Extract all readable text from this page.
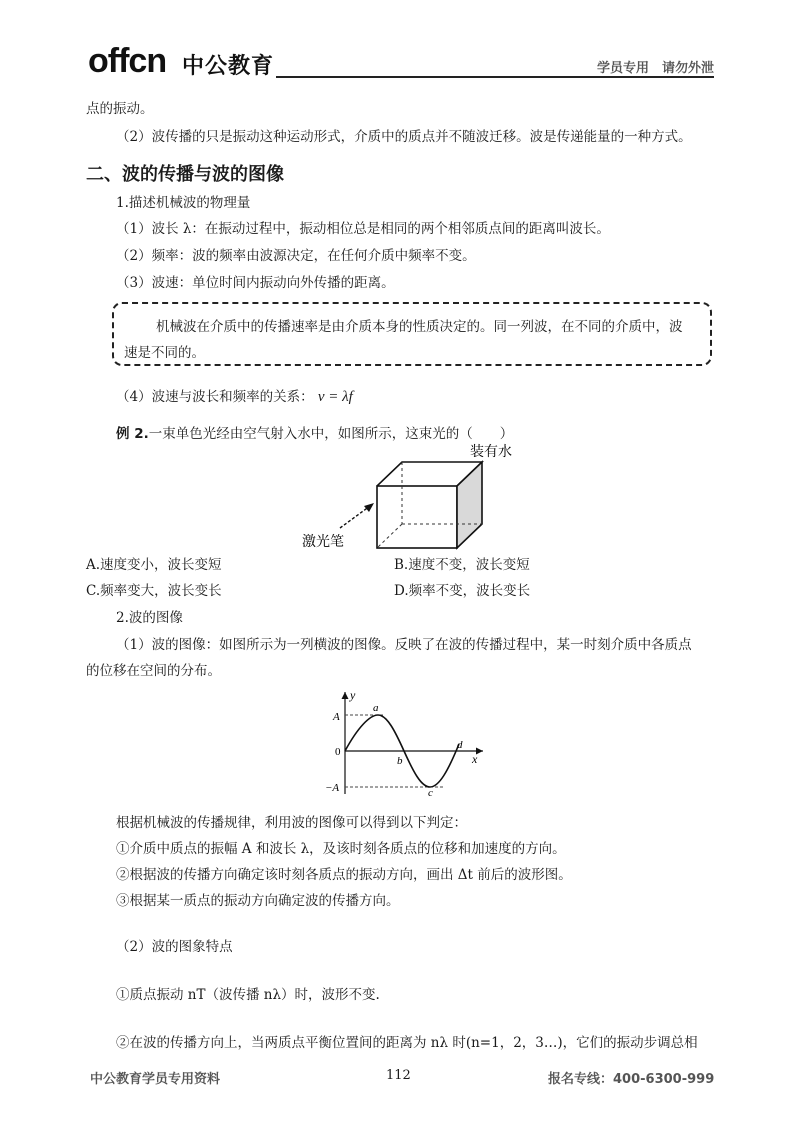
offcn 中公教育	学员专用　请勿外泄
点的振动。
（2）波传播的只是振动这种运动形式，介质中的质点并不随波迁移。波是传递能量的一种方式。
二、波的传播与波的图像
1.描述机械波的物理量
（1）波长 λ：在振动过程中，振动相位总是相同的两个相邻质点间的距离叫波长。
（2）频率：波的频率由波源决定，在任何介质中频率不变。
（3）波速：单位时间内振动向外传播的距离。
机械波在介质中的传播速率是由介质本身的性质决定的。同一列波，在不同的介质中，波
速是不同的。
（4）波速与波长和频率的关系： v = λf
例 2.一束单色光经由空气射入水中，如图所示，这束光的（　　）
装有水
激光笔
A.速度变小，波长变短	B.速度不变，波长变短
C.频率变大，波长变长	D.频率不变，波长变长
2.波的图像
（1）波的图像：如图所示为一列横波的图像。反映了在波的传播过程中，某一时刻介质中各质点
的位移在空间的分布。
x
y
A
−A
0
a
b
c
d
根据机械波的传播规律，利用波的图像可以得到以下判定：
①介质中质点的振幅 A 和波长 λ，及该时刻各质点的位移和加速度的方向。
②根据波的传播方向确定该时刻各质点的振动方向，画出 Δt 前后的波形图。
③根据某一质点的振动方向确定波的传播方向。
（2）波的图象特点
①质点振动 nT（波传播 nλ）时，波形不变.
②在波的传播方向上，当两质点平衡位置间的距离为 nλ 时(n=1，2，3…)，它们的振动步调总相
中公教育学员专用资料	112	报名专线：400-6300-999
